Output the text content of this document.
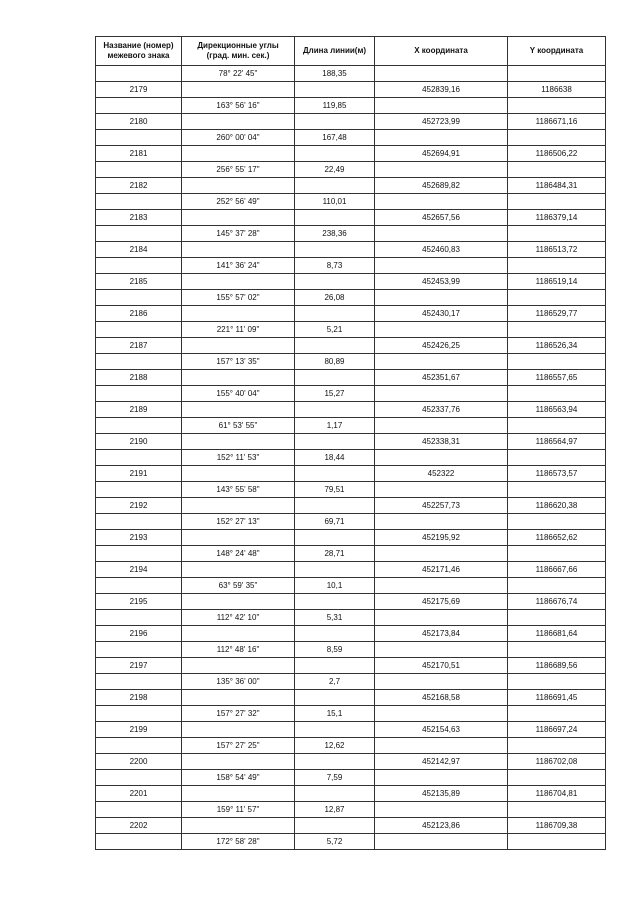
Название (номер)
межевого знака	Дирекционные углы
(град. мин. сек.)	Длина линии(м)	X координата	Y координата
	78° 22' 45"	188,35		
2179			452839,16	1186638
	163° 56' 16"	119,85		
2180			452723,99	1186671,16
	260° 00' 04"	167,48		
2181			452694,91	1186506,22
	256° 55' 17"	22,49		
2182			452689,82	1186484,31
	252° 56' 49"	110,01		
2183			452657,56	1186379,14
	145° 37' 28"	238,36		
2184			452460,83	1186513,72
	141° 36' 24"	8,73		
2185			452453,99	1186519,14
	155° 57' 02"	26,08		
2186			452430,17	1186529,77
	221° 11' 09"	5,21		
2187			452426,25	1186526,34
	157° 13' 35"	80,89		
2188			452351,67	1186557,65
	155° 40' 04"	15,27		
2189			452337,76	1186563,94
	61° 53' 55"	1,17		
2190			452338,31	1186564,97
	152° 11' 53"	18,44		
2191			452322	1186573,57
	143° 55' 58"	79,51		
2192			452257,73	1186620,38
	152° 27' 13"	69,71		
2193			452195,92	1186652,62
	148° 24' 48"	28,71		
2194			452171,46	1186667,66
	63° 59' 35"	10,1		
2195			452175,69	1186676,74
	112° 42' 10"	5,31		
2196			452173,84	1186681,64
	112° 48' 16"	8,59		
2197			452170,51	1186689,56
	135° 36' 00"	2,7		
2198			452168,58	1186691,45
	157° 27' 32"	15,1		
2199			452154,63	1186697,24
	157° 27' 25"	12,62		
2200			452142,97	1186702,08
	158° 54' 49"	7,59		
2201			452135,89	1186704,81
	159° 11' 57"	12,87		
2202			452123,86	1186709,38
	172° 58' 28"	5,72		
